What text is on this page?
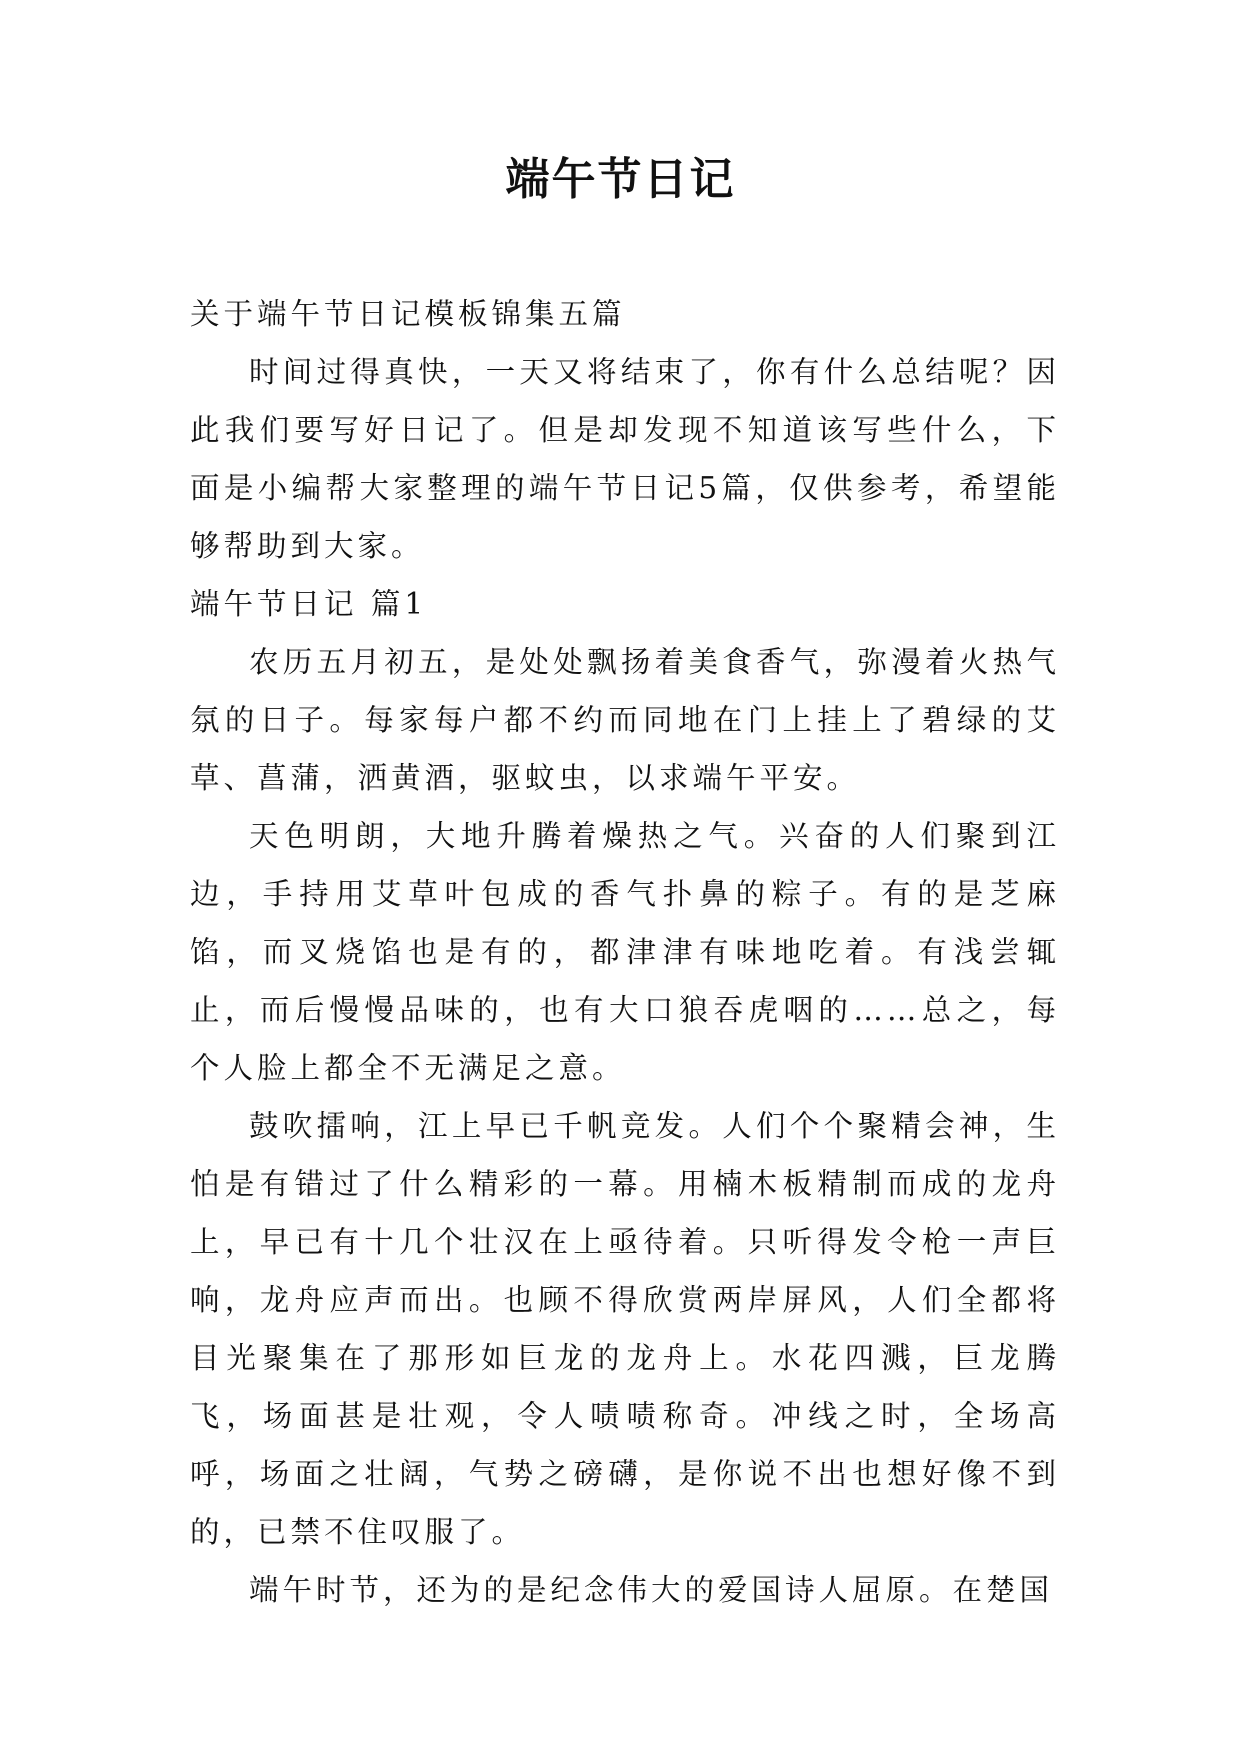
端午节日记

关于端午节日记模板锦集五篇

时间过得真快，一天又将结束了，你有什么总结呢？因此我们要写好日记了。但是却发现不知道该写些什么，下面是小编帮大家整理的端午节日记5篇，仅供参考，希望能够帮助到大家。

端午节日记 篇1

农历五月初五，是处处飘扬着美食香气，弥漫着火热气氛的日子。每家每户都不约而同地在门上挂上了碧绿的艾草、菖蒲，洒黄酒，驱蚊虫，以求端午平安。

天色明朗，大地升腾着燥热之气。兴奋的人们聚到江边，手持用艾草叶包成的香气扑鼻的粽子。有的是芝麻馅，而叉烧馅也是有的，都津津有味地吃着。有浅尝辄止，而后慢慢品味的，也有大口狼吞虎咽的……总之，每个人脸上都全不无满足之意。

鼓吹擂响，江上早已千帆竞发。人们个个聚精会神，生怕是有错过了什么精彩的一幕。用楠木板精制而成的龙舟上，早已有十几个壮汉在上亟待着。只听得发令枪一声巨响，龙舟应声而出。也顾不得欣赏两岸屏风，人们全都将目光聚集在了那形如巨龙的龙舟上。水花四溅，巨龙腾飞，场面甚是壮观，令人啧啧称奇。冲线之时，全场高呼，场面之壮阔，气势之磅礴，是你说不出也想好像不到的，已禁不住叹服了。

端午时节，还为的是纪念伟大的爱国诗人屈原。在楚国
